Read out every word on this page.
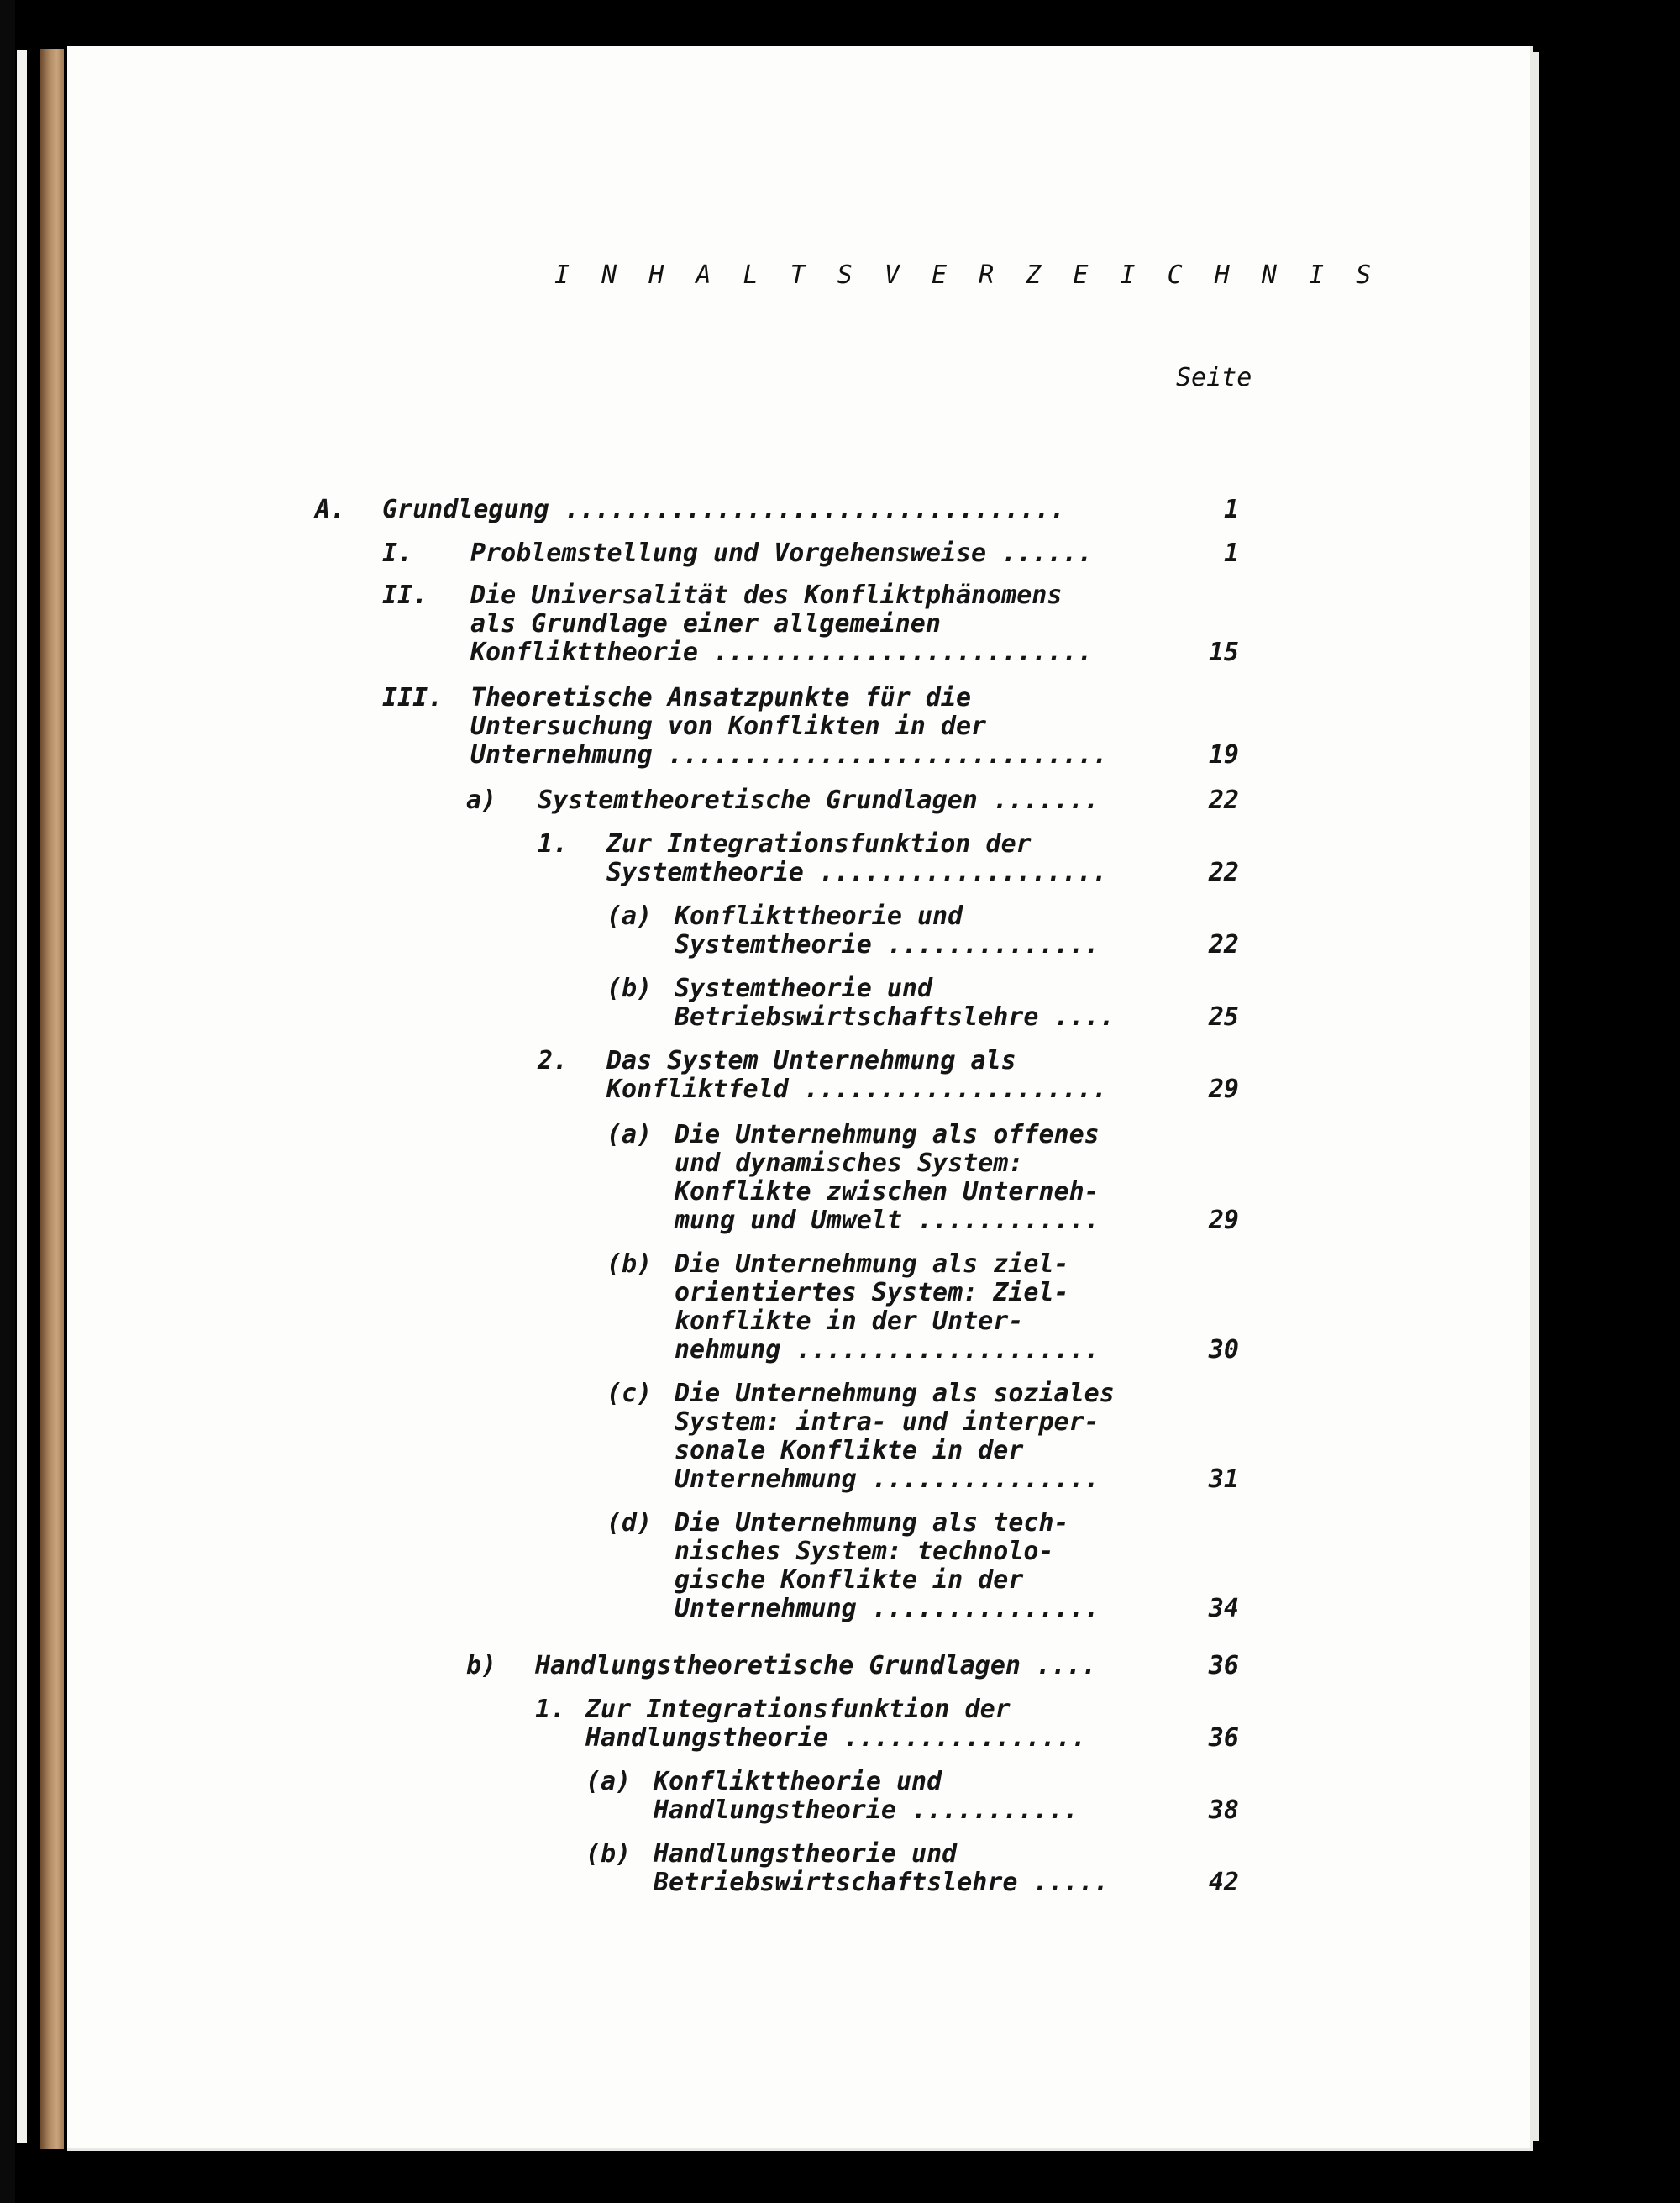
I N H A L T S V E R Z E I C H N I S
Seite
A. Grundlegung .................................	1
I. Problemstellung und Vorgehensweise ......	1
II. Die Universalität des Konfliktphänomens
als Grundlage einer allgemeinen
Konflikttheorie .........................	15
III. Theoretische Ansatzpunkte für die
Untersuchung von Konflikten in der
Unternehmung .............................	19
a) Systemtheoretische Grundlagen .......	22
1. Zur Integrationsfunktion der
Systemtheorie ...................	22
(a) Konflikttheorie und
Systemtheorie ..............	22
(b) Systemtheorie und
Betriebswirtschaftslehre ....	25
2. Das System Unternehmung als
Konfliktfeld ....................	29
(a) Die Unternehmung als offenes
und dynamisches System:
Konflikte zwischen Unterneh-
mung und Umwelt ............	29
(b) Die Unternehmung als ziel-
orientiertes System: Ziel-
konflikte in der Unter-
nehmung ....................	30
(c) Die Unternehmung als soziales
System: intra- und interper-
sonale Konflikte in der
Unternehmung ...............	31
(d) Die Unternehmung als tech-
nisches System: technolo-
gische Konflikte in der
Unternehmung ...............	34
b) Handlungstheoretische Grundlagen ....	36
1. Zur Integrationsfunktion der
Handlungstheorie ................	36
(a) Konflikttheorie und
Handlungstheorie ...........	38
(b) Handlungstheorie und
Betriebswirtschaftslehre .....	42
